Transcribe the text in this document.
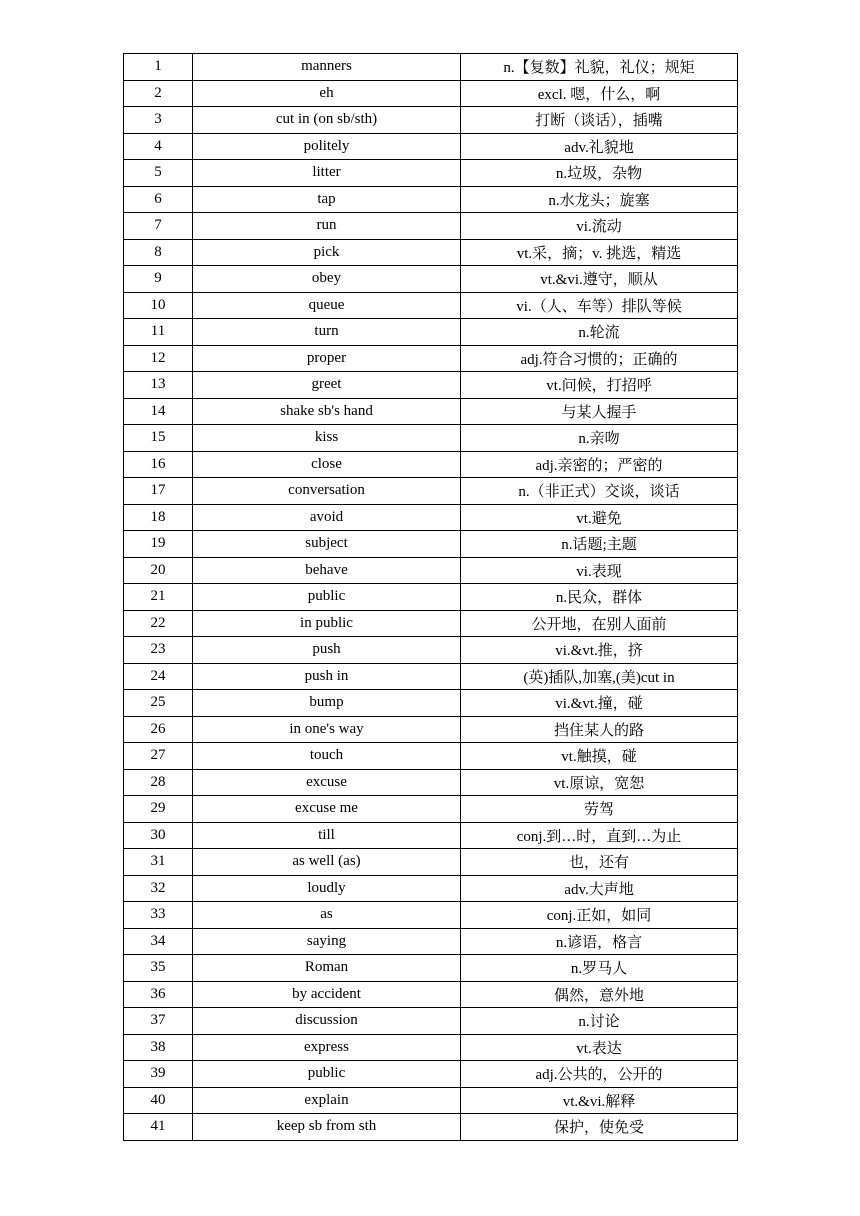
1	manners	n.【复数】礼貌，礼仪；规矩
2	eh	excl. 嗯，什么，啊
3	cut in (on sb/sth)	打断（谈话），插嘴
4	politely	adv.礼貌地
5	litter	n.垃圾，杂物
6	tap	n.水龙头；旋塞
7	run	vi.流动
8	pick	vt.采，摘；v. 挑选，精选
9	obey	vt.&vi.遵守，顺从
10	queue	vi.（人、车等）排队等候
11	turn	n.轮流
12	proper	adj.符合习惯的；正确的
13	greet	vt.问候，打招呼
14	shake sb's hand	与某人握手
15	kiss	n.亲吻
16	close	adj.亲密的；严密的
17	conversation	n.（非正式）交谈，谈话
18	avoid	vt.避免
19	subject	n.话题;主题
20	behave	vi.表现
21	public	n.民众，群体
22	in public	公开地，在别人面前
23	push	vi.&vt.推，挤
24	push in	(英)插队,加塞,(美)cut in
25	bump	vi.&vt.撞，碰
26	in one's way	挡住某人的路
27	touch	vt.触摸，碰
28	excuse	vt.原谅，宽恕
29	excuse me	劳驾
30	till	conj.到…时，直到…为止
31	as well (as)	也，还有
32	loudly	adv.大声地
33	as	conj.正如，如同
34	saying	n.谚语，格言
35	Roman	n.罗马人
36	by accident	偶然，意外地
37	discussion	n.讨论
38	express	vt.表达
39	public	adj.公共的，公开的
40	explain	vt.&vi.解释
41	keep sb from sth	保护，使免受
